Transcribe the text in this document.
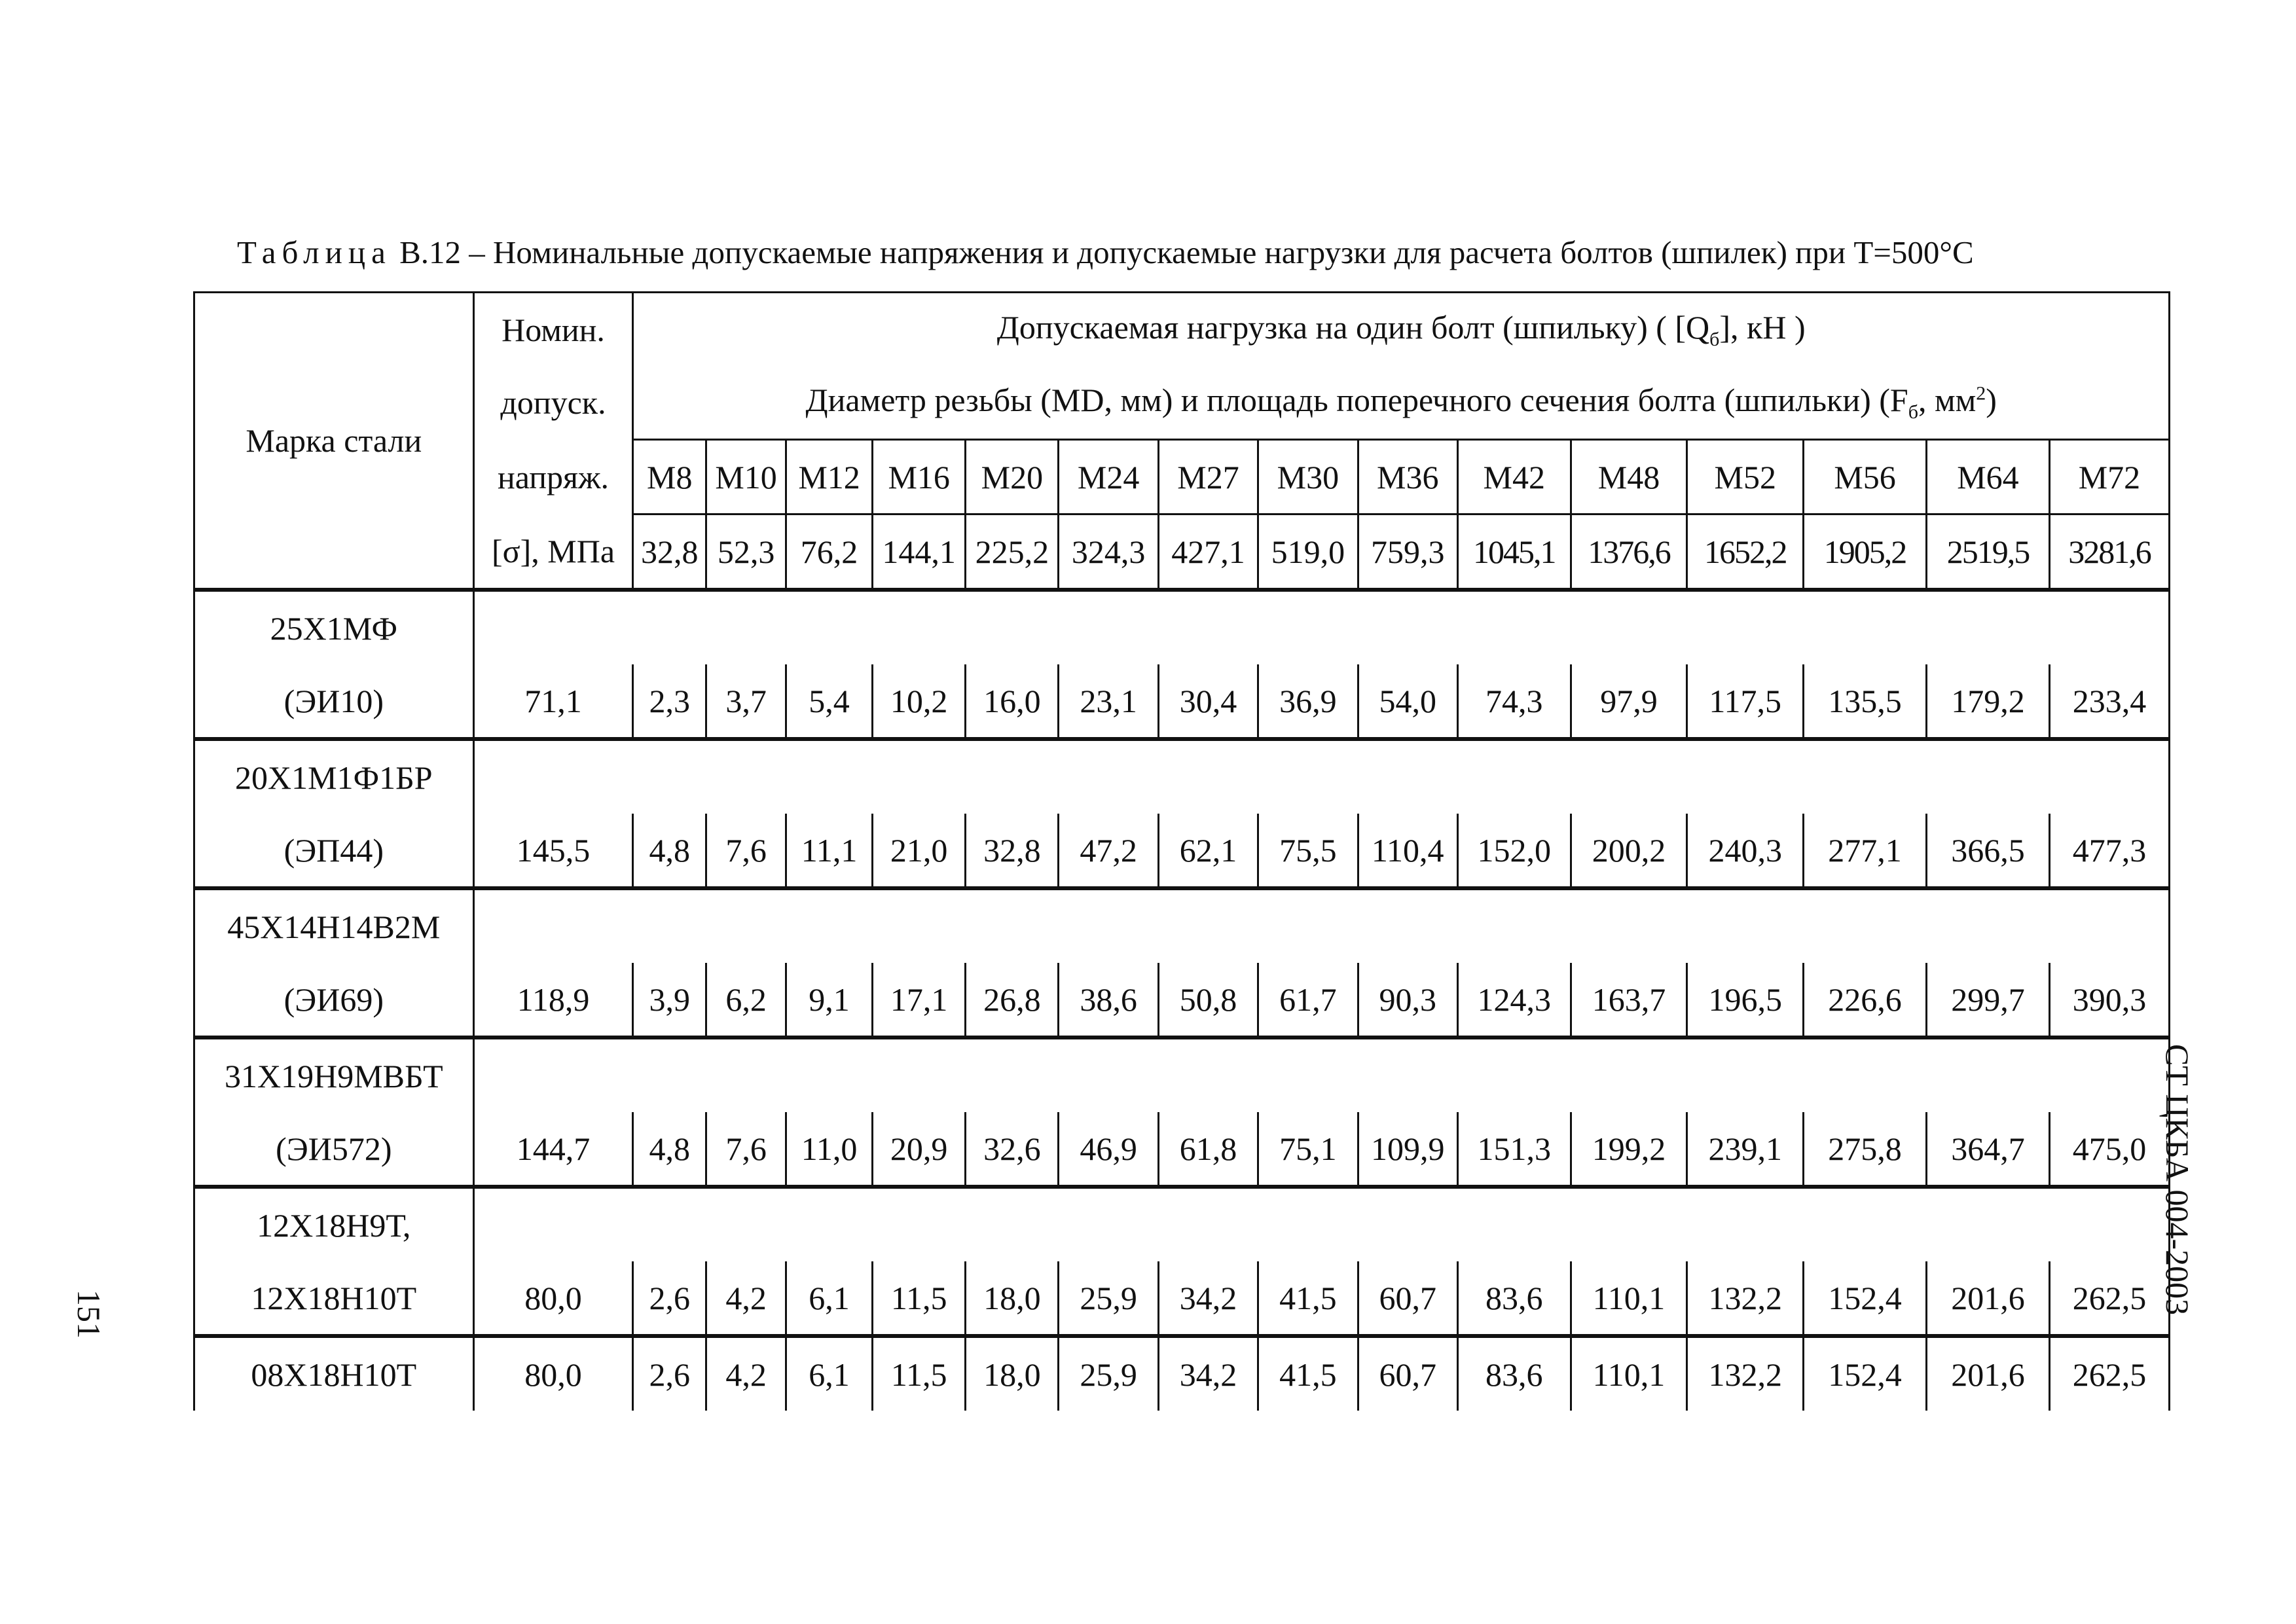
Таблица В.12 – Номинальные допускаемые напряжения и допускаемые нагрузки для расчета болтов (шпилек) при T=500°C
Марка стали	Номин.	Допускаемая нагрузка на один болт (шпильку) ( $[Q_б]$, кН )														
	допуск.	Диаметр резьбы (MD, мм) и площадь поперечного сечения болта (шпильки) ($F_б$, $мм^2$)														
	напряж.	М8	М10	М12	М16	М20	М24	М27	М30	М36	М42	М48	М52	М56	М64	М72
	[σ], МПа	32,8	52,3	76,2	144,1	225,2	324,3	427,1	519,0	759,3	1045,1	1376,6	1652,2	1905,2	2519,5	3281,6
25Х1МФ																
(ЭИ10)	71,1	2,3	3,7	5,4	10,2	16,0	23,1	30,4	36,9	54,0	74,3	97,9	117,5	135,5	179,2	233,4
20Х1М1Ф1БР																
(ЭП44)	145,5	4,8	7,6	11,1	21,0	32,8	47,2	62,1	75,5	110,4	152,0	200,2	240,3	277,1	366,5	477,3
45Х14Н14В2М																
(ЭИ69)	118,9	3,9	6,2	9,1	17,1	26,8	38,6	50,8	61,7	90,3	124,3	163,7	196,5	226,6	299,7	390,3
31Х19Н9МВБТ																
(ЭИ572)	144,7	4,8	7,6	11,0	20,9	32,6	46,9	61,8	75,1	109,9	151,3	199,2	239,1	275,8	364,7	475,0
12Х18Н9Т,																
12Х18Н10Т	80,0	2,6	4,2	6,1	11,5	18,0	25,9	34,2	41,5	60,7	83,6	110,1	132,2	152,4	201,6	262,5
08Х18Н10Т	80,0	2,6	4,2	6,1	11,5	18,0	25,9	34,2	41,5	60,7	83,6	110,1	132,2	152,4	201,6	262,5
151	СТ ЦКБА 004-2003
